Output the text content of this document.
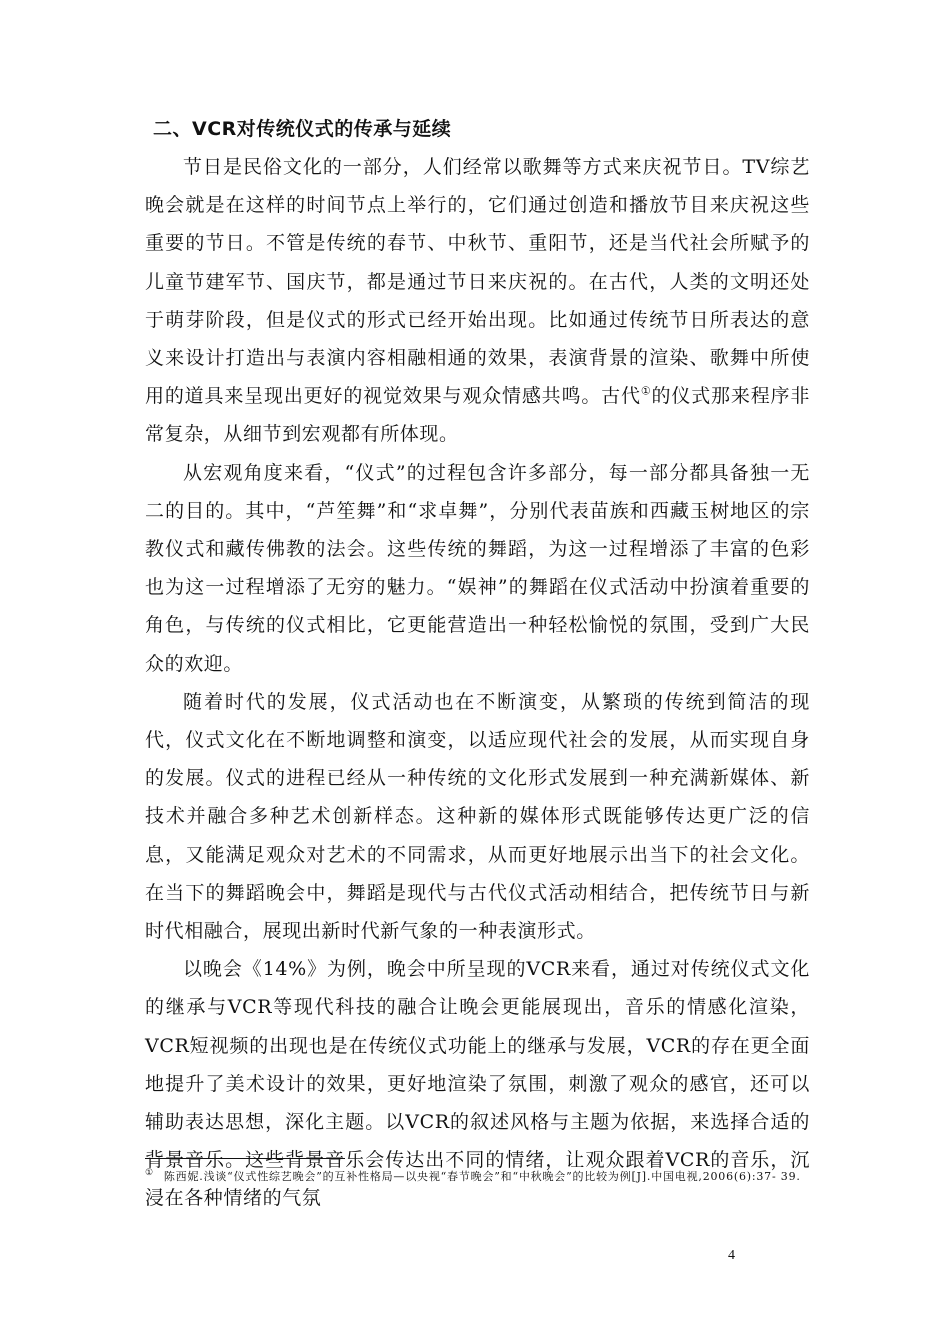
二、VCR对传统仪式的传承与延续

节日是民俗文化的一部分，人们经常以歌舞等方式来庆祝节日。TV综艺晚会就是在这样的时间节点上举行的，它们通过创造和播放节目来庆祝这些重要的节日。不管是传统的春节、中秋节、重阳节，还是当代社会所赋予的儿童节建军节、国庆节，都是通过节日来庆祝的。在古代，人类的文明还处于萌芽阶段，但是仪式的形式已经开始出现。比如通过传统节日所表达的意义来设计打造出与表演内容相融相通的效果，表演背景的渲染、歌舞中所使用的道具来呈现出更好的视觉效果与观众情感共鸣。古代①的仪式那来程序非常复杂，从细节到宏观都有所体现。

从宏观角度来看，“仪式”的过程包含许多部分，每一部分都具备独一无二的目的。其中，“芦笙舞”和“求卓舞”，分别代表苗族和西藏玉树地区的宗教仪式和藏传佛教的法会。这些传统的舞蹈，为这一过程增添了丰富的色彩也为这一过程增添了无穷的魅力。“娱神”的舞蹈在仪式活动中扮演着重要的角色，与传统的仪式相比，它更能营造出一种轻松愉悦的氛围，受到广大民众的欢迎。

随着时代的发展，仪式活动也在不断演变，从繁琐的传统到简洁的现代，仪式文化在不断地调整和演变，以适应现代社会的发展，从而实现自身的发展。仪式的进程已经从一种传统的文化形式发展到一种充满新媒体、新技术并融合多种艺术创新样态。这种新的媒体形式既能够传达更广泛的信息，又能满足观众对艺术的不同需求，从而更好地展示出当下的社会文化。在当下的舞蹈晚会中，舞蹈是现代与古代仪式活动相结合，把传统节日与新时代相融合，展现出新时代新气象的一种表演形式。

以晚会《14%》为例，晚会中所呈现的VCR来看，通过对传统仪式文化的继承与VCR等现代科技的融合让晚会更能展现出，音乐的情感化渲染，VCR短视频的出现也是在传统仪式功能上的继承与发展，VCR的存在更全面地提升了美术设计的效果，更好地渲染了氛围，刺激了观众的感官，还可以辅助表达思想，深化主题。以VCR的叙述风格与主题为依据，来选择合适的背景音乐。这些背景音乐会传达出不同的情绪，让观众跟着VCR的音乐，沉浸在各种情绪的气氛

① 陈西妮.浅谈“仪式性综艺晚会”的互补性格局—以央视“春节晚会”和“中秋晚会”的比较为例[J].中国电视,2006(6):37- 39.
4
